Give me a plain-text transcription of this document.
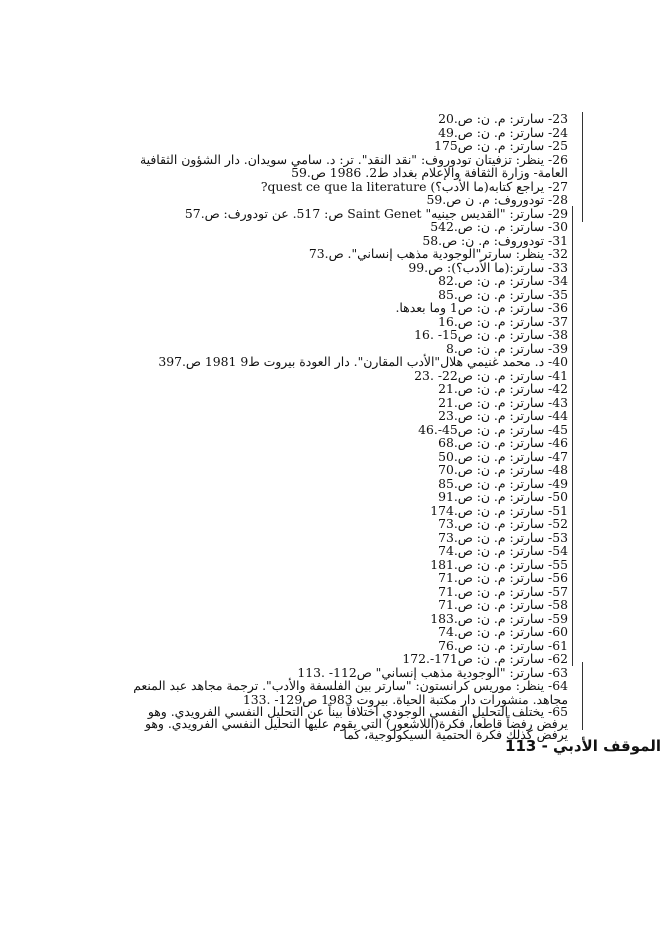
23- سارتر: م. ن: ص.20
24- سارتر: م. ن: ص.49
25- سارتر: م. ن: ص175
26- ينظر: تزفيتان تودوروف: "نقد النقد". تر: د. سامي سويدان. دار الشؤون الثقافية العامة- وزارة الثقافة والإعلام بغداد ط2. 1986 ص.59
27- يراجع كتابه(ما الأدب؟) quest ce que la literature?
28- تودوروف: م. ن ص.59
29- سارتر: "القديس جينيه" Saint Genet ص: 517. عن تودورف: ص.57
30- سارتر: م. ن: ص.542
31- تودوروف: م. ن: ص.58
32- ينظر: سارتر"الوجودية مذهب إنساني". ص.73
33- سارتر:(ما الأدب؟): ص.99
34- سارتر: م. ن: ص.82
35- سارتر: م. ن: ص.85
36- سارتر: م. ن: ص1 وما بعدها.
37- سارتر: م. ن: ص.16
38- سارتر: م. ن: ص15- .16
39- سارتر: م. ن: ص.8
40- د. محمد غنيمي هلال"الأدب المقارن". دار العودة بيروت ط9 1981 ص.397
41- سارتر: م. ن: ص22- .23
42- سارتر: م. ن: ص.21
43- سارتر: م. ن: ص.21
44- سارتر: م. ن: ص.23
45- سارتر: م. ن: ص45-.46
46- سارتر: م. ن: ص.68
47- سارتر: م. ن: ص.50
48- سارتر: م. ن: ص.70
49- سارتر: م. ن: ص.85
50- سارتر: م. ن: ص.91
51- سارتر: م. ن: ص.174
52- سارتر: م. ن: ص.73
53- سارتر: م. ن: ص.73
54- سارتر: م. ن: ص.74
55- سارتر: م. ن: ص.181
56- سارتر: م. ن: ص.71
57- سارتر: م. ن: ص.71
58- سارتر: م. ن: ص.71
59- سارتر: م. ن: ص.183
60- سارتر: م. ن: ص.74
61- سارتر: م. ن: ص.76
62- سارتر: م. ن: ص171-.172
63- سارتر: "الوجودية مذهب إنساني" ص112- .113
64- ينظر: موريس كرانستون: "سارتر بين الفلسفة والأدب". ترجمة مجاهد عبد المنعم مجاهد. منشورات دار مكتبة الحياة. بيروت 1983 ص129- .133
65- يختلف التحليل النفسي الوجودي اختلافاً بيناً عن التحليل النفسي الفرويدي. وهو يرفض رفضاً قاطعاً، فكرة(اللاشعور) التي يقوم عليها التحليل النفسي الفرويدي. وهو يرفض كذلك فكرة الحتمية السيكولوجية، كما
الموقف الأدبي - 113
